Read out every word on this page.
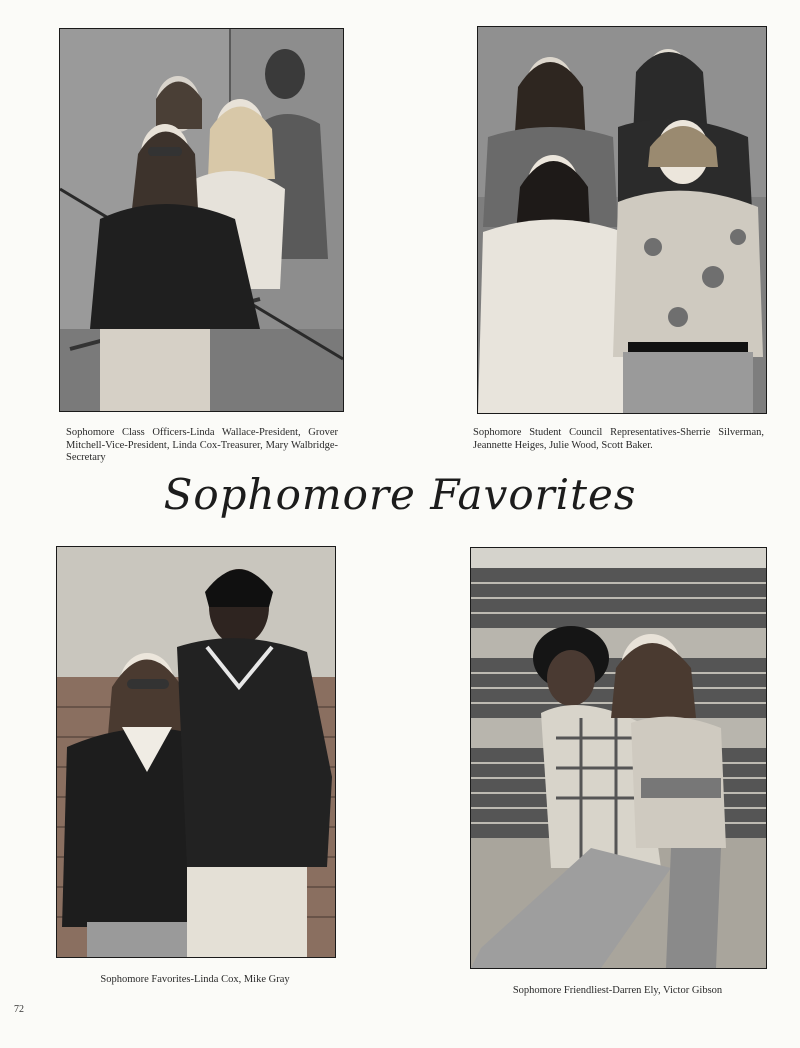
Sophomore Class Officers-Linda Wallace-President, Grover Mitchell-Vice-President, Linda Cox-Treasurer, Mary Walbridge-Secretary
Sophomore Student Council Representatives-Sherrie Silverman, Jeannette Heiges, Julie Wood, Scott Baker.
Sophomore Favorites
Sophomore Favorites-Linda Cox, Mike Gray
Sophomore Friendliest-Darren Ely, Victor Gibson
72
